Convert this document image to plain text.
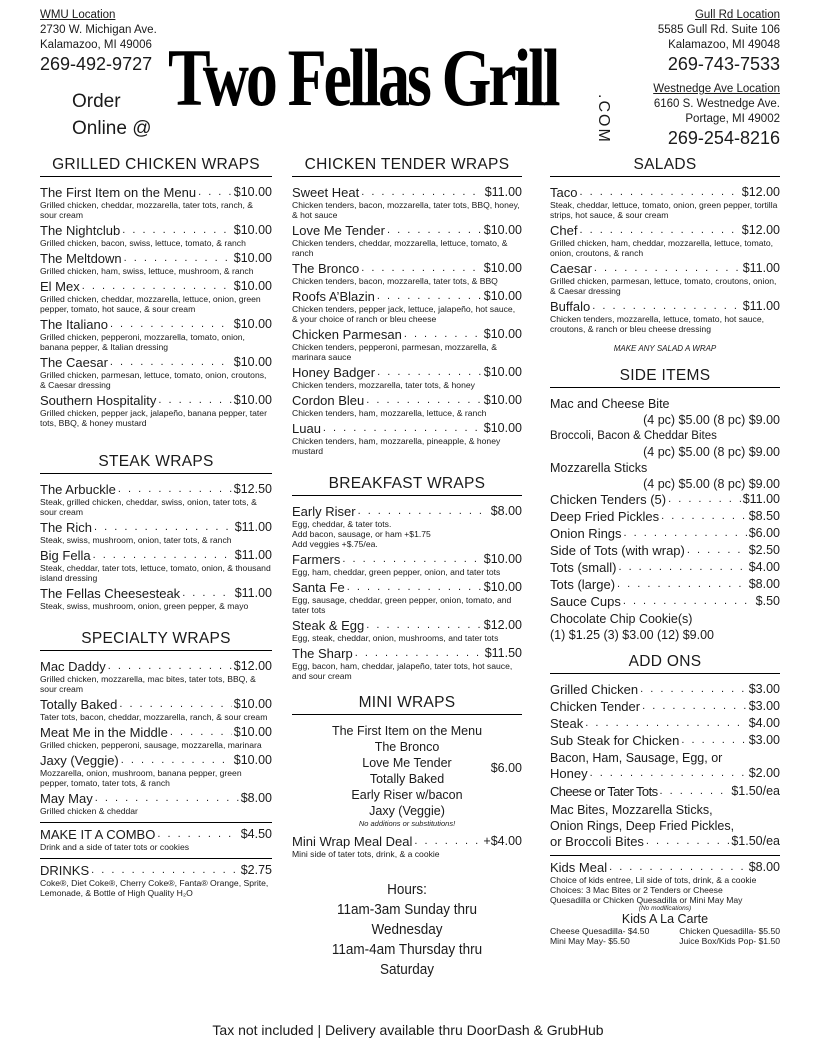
WMU Location
2730 W. Michigan Ave.
Kalamazoo, MI 49006
269-492-9727
Order
Online @
Two Fellas Grill .COM
Gull Rd Location
5585 Gull Rd. Suite 106
Kalamazoo, MI 49048
269-743-7533
Westnedge Ave Location
6160 S. Westnedge Ave.
Portage, MI 49002
269-254-8216
GRILLED CHICKEN WRAPS
The First Item on the Menu . . .	$10.00
Grilled chicken, cheddar, mozzarella, tater tots, ranch, & sour cream
The Nightclub . . .	$10.00
Grilled chicken, bacon, swiss, lettuce, tomato, & ranch
The Meltdown . . .	$10.00
Grilled chicken, ham, swiss, lettuce, mushroom, & ranch
El Mex . . .	$10.00
Grilled chicken, cheddar, mozzarella, lettuce, onion, green pepper, tomato, hot sauce, & sour cream
The Italiano . . .	$10.00
Grilled chicken, pepperoni, mozzarella, tomato, onion, banana pepper, & Italian dressing
The Caesar . . .	$10.00
Grilled chicken, parmesan, lettuce, tomato, onion, croutons, & Caesar dressing
Southern Hospitality . . .	$10.00
Grilled chicken, pepper jack, jalapeño, banana pepper, tater tots, BBQ, & honey mustard
STEAK WRAPS
The Arbuckle . . .	$12.50
Steak, grilled chicken, cheddar, swiss, onion, tater tots, & sour cream
The Rich . . .	$11.00
Steak, swiss, mushroom, onion, tater tots, & ranch
Big Fella . . .	$11.00
Steak, cheddar, tater tots, lettuce, tomato, onion, & thousand island dressing
The Fellas Cheesesteak . . .	$11.00
Steak, swiss, mushroom, onion, green pepper, & mayo
SPECIALTY WRAPS
Mac Daddy . . .	$12.00
Grilled chicken, mozzarella, mac bites, tater tots, BBQ, & sour cream
Totally Baked . . .	$10.00
Tater tots, bacon, cheddar, mozzarella, ranch, & sour cream
Meat Me in the Middle . . .	$10.00
Grilled chicken, pepperoni, sausage, mozzarella, marinara
Jaxy (Veggie) . . .	$10.00
Mozzarella, onion, mushroom, banana pepper, green pepper, tomato, tater tots, & ranch
May May . . .	$8.00
Grilled chicken & cheddar
MAKE IT A COMBO . . .	$4.50
Drink and a side of tater tots or cookies
DRINKS . . .	$2.75
Coke®, Diet Coke®, Cherry Coke®, Fanta® Orange, Sprite, Lemonade, & Bottle of High Quality H₂O
CHICKEN TENDER WRAPS
Sweet Heat . . .	$11.00
Chicken tenders, bacon, mozzarella, tater tots, BBQ, honey, & hot sauce
Love Me Tender . . .	$10.00
Chicken tenders, cheddar, mozzarella, lettuce, tomato, & ranch
The Bronco . . .	$10.00
Chicken tenders, bacon, mozzarella, tater tots, & BBQ
Roofs A’Blazin . . .	$10.00
Chicken tenders, pepper jack, lettuce, jalapeño, hot sauce, & your choice of ranch or bleu cheese
Chicken Parmesan . . .	$10.00
Chicken tenders, pepperoni, parmesan, mozzarella, & marinara sauce
Honey Badger . . .	$10.00
Chicken tenders, mozzarella, tater tots, & honey
Cordon Bleu . . .	$10.00
Chicken tenders, ham, mozzarella, lettuce, & ranch
Luau . . .	$10.00
Chicken tenders, ham, mozzarella, pineapple, & honey mustard
BREAKFAST WRAPS
Early Riser . . .	$8.00
Egg, cheddar, & tater tots.
Add bacon, sausage, or ham +$1.75
Add veggies +$.75/ea.
Farmers . . .	$10.00
Egg, ham, cheddar, green pepper, onion, and tater tots
Santa Fe . . .	$10.00
Egg, sausage, cheddar, green pepper, onion, tomato, and tater tots
Steak & Egg . . .	$12.00
Egg, steak, cheddar, onion, mushrooms, and tater tots
The Sharp . . .	$11.50
Egg, bacon, ham, cheddar, jalapeño, tater tots, hot sauce, and sour cream
MINI WRAPS
The First Item on the Menu
The Bronco
Love Me Tender
Totally Baked
Early Riser w/bacon
Jaxy (Veggie)
$6.00
No additions or substitutions!
Mini Wrap Meal Deal . . .	+$4.00
Mini side of tater tots, drink, & a cookie
Hours:
11am-3am Sunday thru Wednesday
11am-4am Thursday thru Saturday
SALADS
Taco . . .	$12.00
Steak, cheddar, lettuce, tomato, onion, green pepper, tortilla strips, hot sauce, & sour cream
Chef . . .	$12.00
Grilled chicken, ham, cheddar, mozzarella, lettuce, tomato, onion, croutons, & ranch
Caesar . . .	$11.00
Grilled chicken, parmesan, lettuce, tomato, croutons, onion, & Caesar dressing
Buffalo . . .	$11.00
Chicken tenders, mozzarella, lettuce, tomato, hot sauce, croutons, & ranch or bleu cheese dressing
MAKE ANY SALAD A WRAP
SIDE ITEMS
Mac and Cheese Bite
(4 pc) $5.00 (8 pc) $9.00
Broccoli, Bacon & Cheddar Bites
(4 pc) $5.00 (8 pc) $9.00
Mozzarella Sticks
(4 pc) $5.00 (8 pc) $9.00
Chicken Tenders (5) . . .	$11.00
Deep Fried Pickles . . .	$8.50
Onion Rings . . .	$6.00
Side of Tots (with wrap) . . .	$2.50
Tots (small) . . .	$4.00
Tots (large) . . .	$8.00
Sauce Cups . . .	$.50
Chocolate Chip Cookie(s)
(1) $1.25 (3) $3.00 (12) $9.00
ADD ONS
Grilled Chicken . . .	$3.00
Chicken Tender . . .	$3.00
Steak . . .	$4.00
Sub Steak for Chicken . . .	$3.00
Bacon, Ham, Sausage, Egg, or
Honey . . .	$2.00
Cheese or Tater Tots . . .	$1.50/ea
Mac Bites, Mozzarella Sticks,
Onion Rings, Deep Fried Pickles,
or Broccoli Bites . . .	$1.50/ea
Kids Meal . . .	$8.00
Choice of kids entree, Lil side of tots, drink, & a cookie
Choices: 3 Mac Bites or 2 Tenders or Cheese
Quesadilla or Chicken Quesadilla or Mini May May
(No modifications)
Kids A La Carte
Cheese Quesadilla- $4.50	Chicken Quesadilla- $5.50
Mini May May- $5.50	Juice Box/Kids Pop- $1.50
Tax not included | Delivery available thru DoorDash & GrubHub
